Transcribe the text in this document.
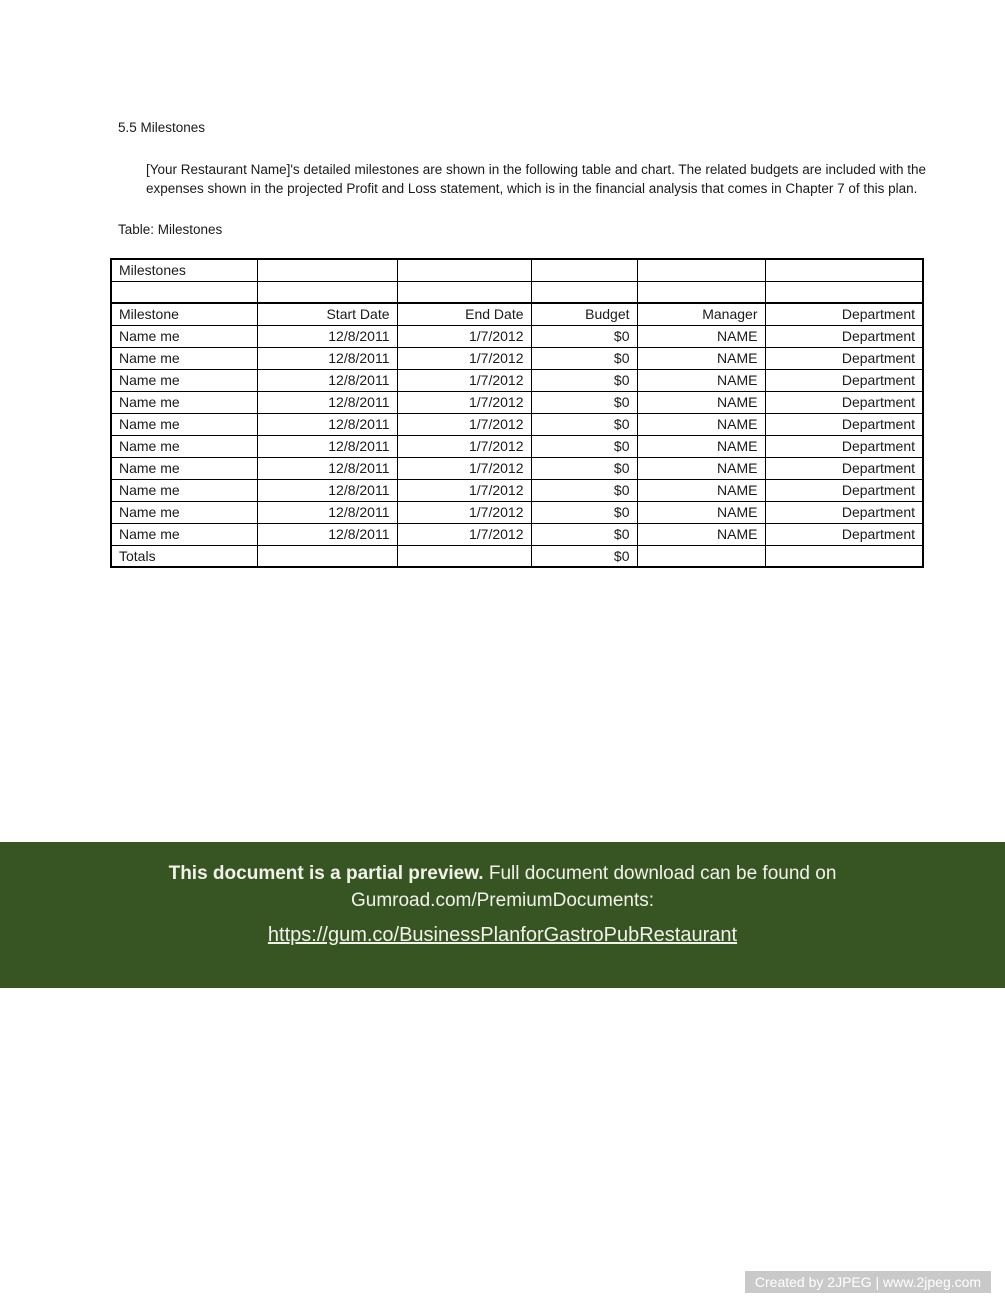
5.5 Milestones

[Your Restaurant Name]'s detailed milestones are shown in the following table and chart. The related budgets are included with the expenses shown in the projected Profit and Loss statement, which is in the financial analysis that comes in Chapter 7 of this plan.

Table: Milestones
Milestones					

Milestone	Start Date	End Date	Budget	Manager	Department
Name me	12/8/2011	1/7/2012	$0	NAME	Department
Name me	12/8/2011	1/7/2012	$0	NAME	Department
Name me	12/8/2011	1/7/2012	$0	NAME	Department
Name me	12/8/2011	1/7/2012	$0	NAME	Department
Name me	12/8/2011	1/7/2012	$0	NAME	Department
Name me	12/8/2011	1/7/2012	$0	NAME	Department
Name me	12/8/2011	1/7/2012	$0	NAME	Department
Name me	12/8/2011	1/7/2012	$0	NAME	Department
Name me	12/8/2011	1/7/2012	$0	NAME	Department
Name me	12/8/2011	1/7/2012	$0	NAME	Department
Totals			$0		
This document is a partial preview. Full document download can be found on Gumroad.com/PremiumDocuments:
https://gum.co/BusinessPlanforGastroPubRestaurant
Created by 2JPEG | www.2jpeg.com
